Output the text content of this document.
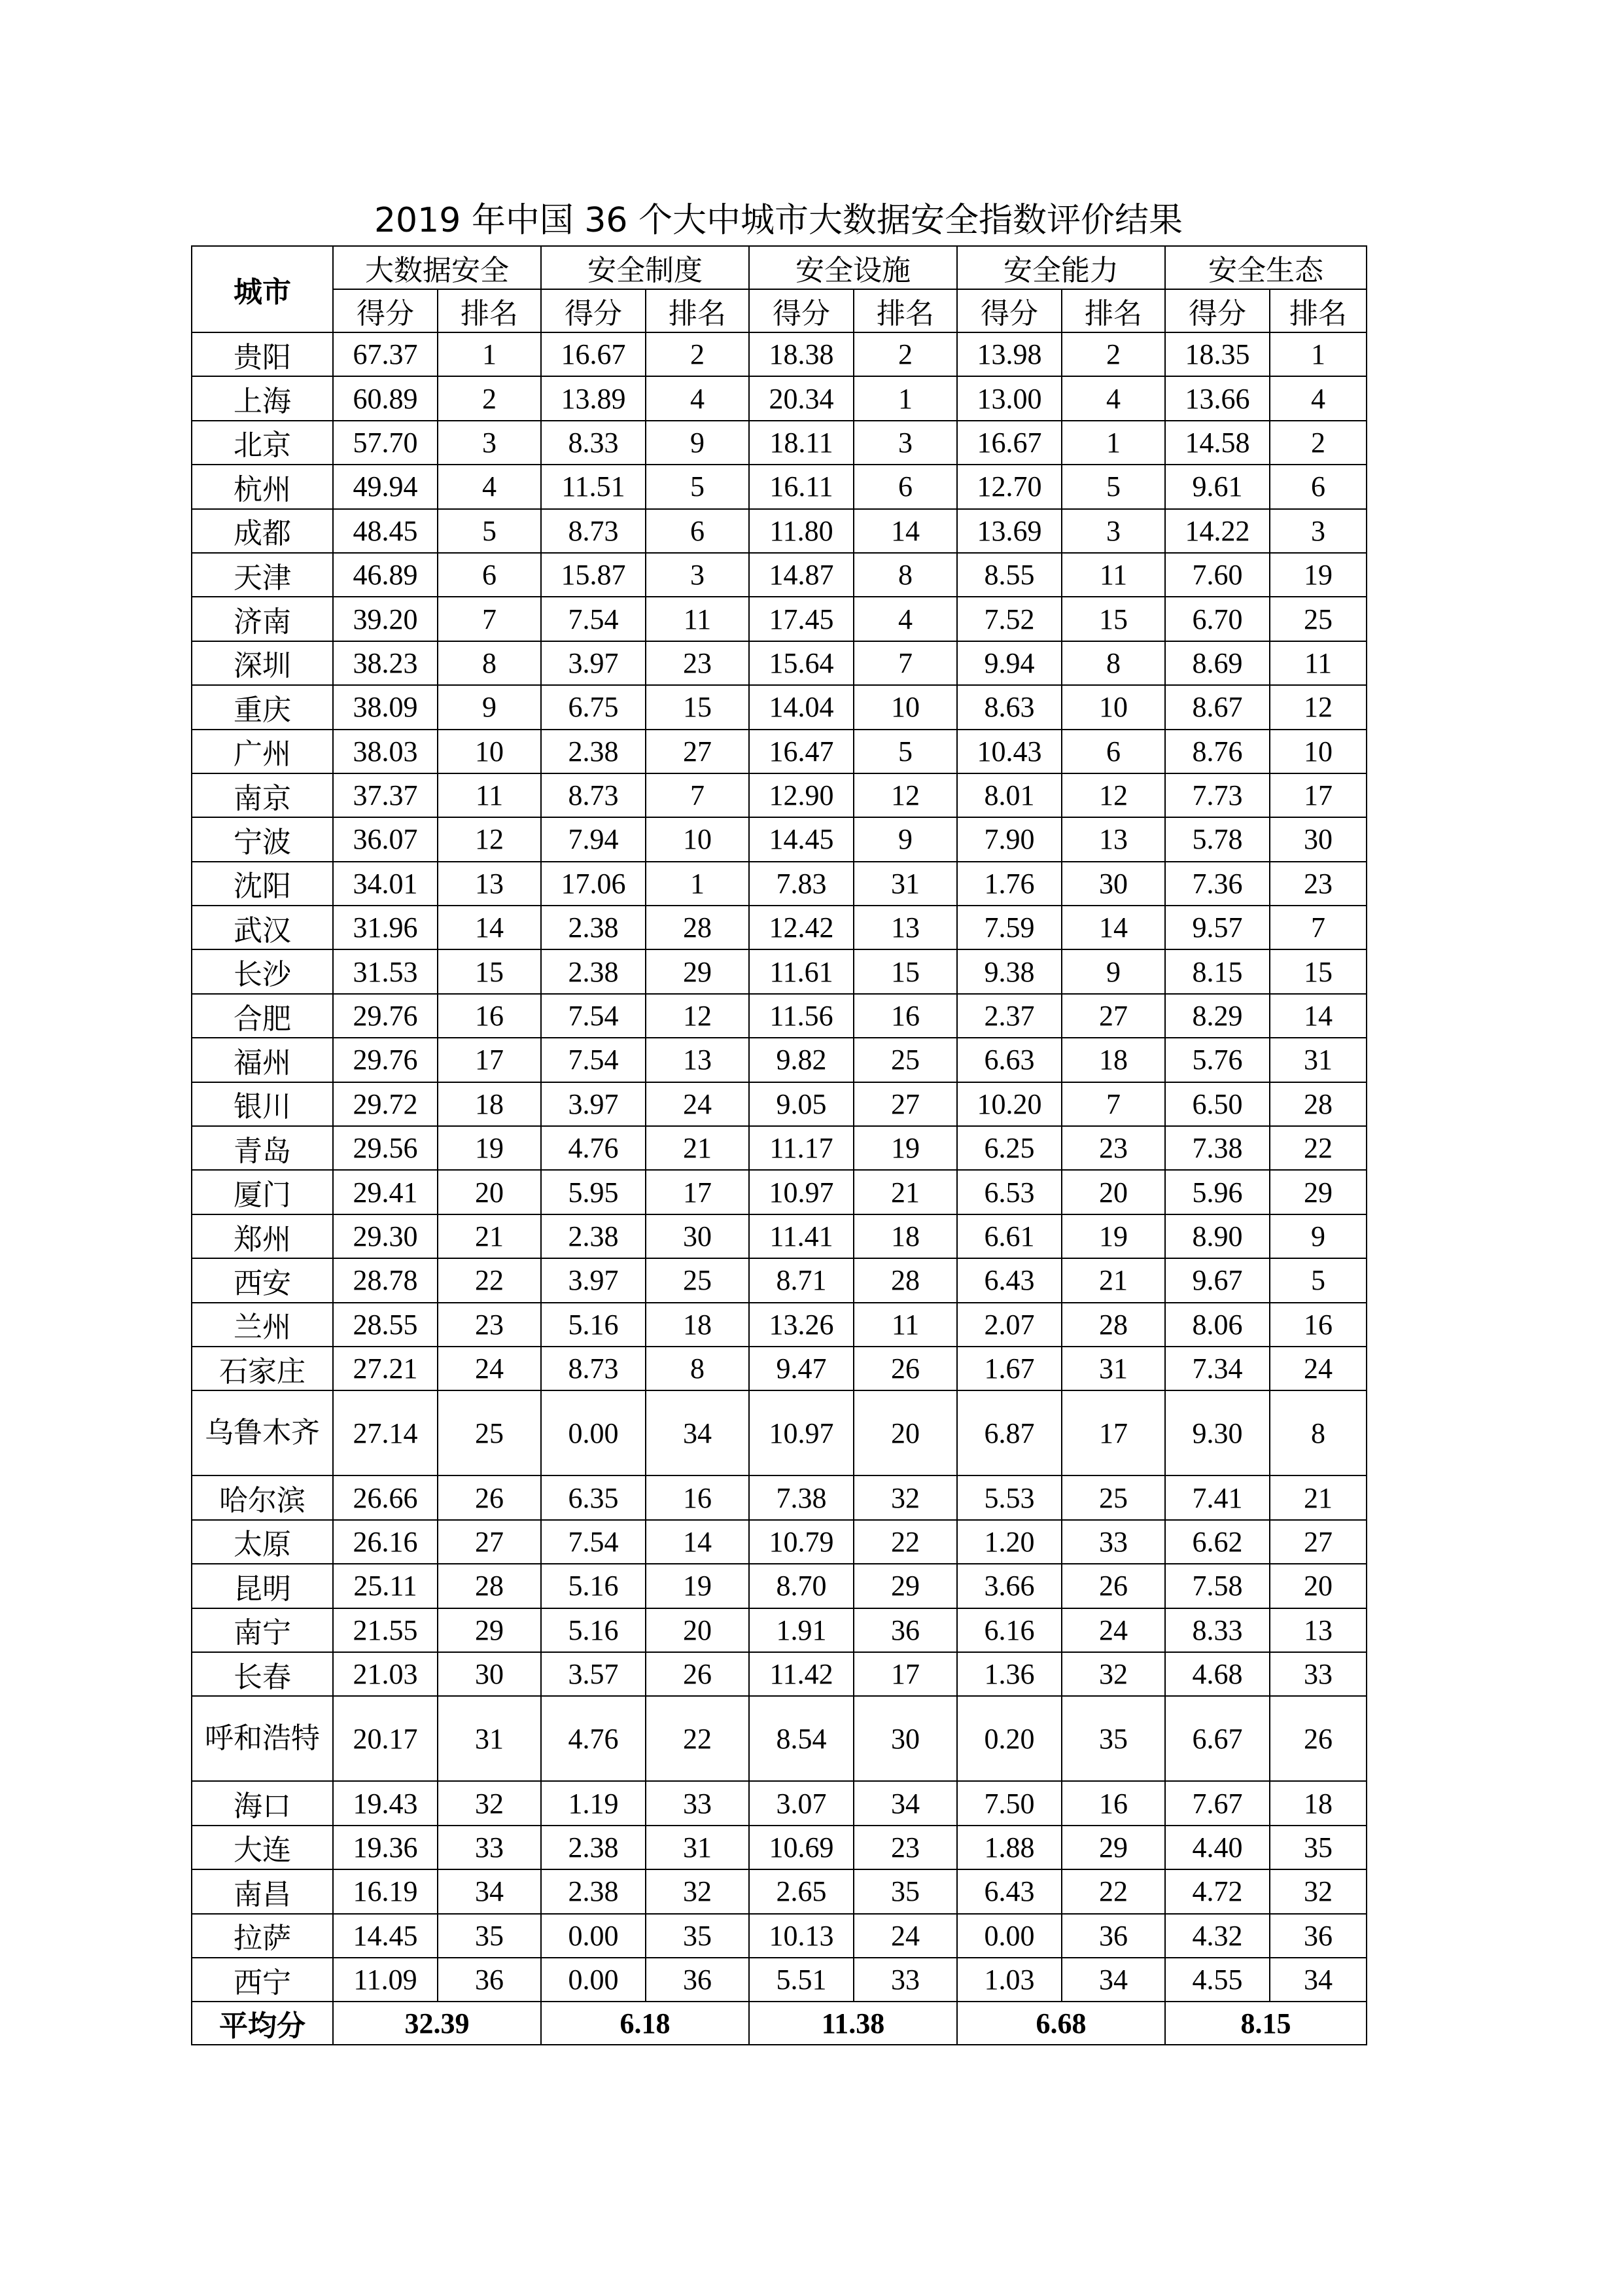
2019 年中国 36 个大中城市大数据安全指数评价结果
城市	大数据安全		安全制度		安全设施		安全能力		安全生态	
	得分	排名	得分	排名	得分	排名	得分	排名	得分	排名
贵阳	67.37	1	16.67	2	18.38	2	13.98	2	18.35	1
上海	60.89	2	13.89	4	20.34	1	13.00	4	13.66	4
北京	57.70	3	8.33	9	18.11	3	16.67	1	14.58	2
杭州	49.94	4	11.51	5	16.11	6	12.70	5	9.61	6
成都	48.45	5	8.73	6	11.80	14	13.69	3	14.22	3
天津	46.89	6	15.87	3	14.87	8	8.55	11	7.60	19
济南	39.20	7	7.54	11	17.45	4	7.52	15	6.70	25
深圳	38.23	8	3.97	23	15.64	7	9.94	8	8.69	11
重庆	38.09	9	6.75	15	14.04	10	8.63	10	8.67	12
广州	38.03	10	2.38	27	16.47	5	10.43	6	8.76	10
南京	37.37	11	8.73	7	12.90	12	8.01	12	7.73	17
宁波	36.07	12	7.94	10	14.45	9	7.90	13	5.78	30
沈阳	34.01	13	17.06	1	7.83	31	1.76	30	7.36	23
武汉	31.96	14	2.38	28	12.42	13	7.59	14	9.57	7
长沙	31.53	15	2.38	29	11.61	15	9.38	9	8.15	15
合肥	29.76	16	7.54	12	11.56	16	2.37	27	8.29	14
福州	29.76	17	7.54	13	9.82	25	6.63	18	5.76	31
银川	29.72	18	3.97	24	9.05	27	10.20	7	6.50	28
青岛	29.56	19	4.76	21	11.17	19	6.25	23	7.38	22
厦门	29.41	20	5.95	17	10.97	21	6.53	20	5.96	29
郑州	29.30	21	2.38	30	11.41	18	6.61	19	8.90	9
西安	28.78	22	3.97	25	8.71	28	6.43	21	9.67	5
兰州	28.55	23	5.16	18	13.26	11	2.07	28	8.06	16
石家庄	27.21	24	8.73	8	9.47	26	1.67	31	7.34	24
乌鲁木齐	27.14	25	0.00	34	10.97	20	6.87	17	9.30	8
哈尔滨	26.66	26	6.35	16	7.38	32	5.53	25	7.41	21
太原	26.16	27	7.54	14	10.79	22	1.20	33	6.62	27
昆明	25.11	28	5.16	19	8.70	29	3.66	26	7.58	20
南宁	21.55	29	5.16	20	1.91	36	6.16	24	8.33	13
长春	21.03	30	3.57	26	11.42	17	1.36	32	4.68	33
呼和浩特	20.17	31	4.76	22	8.54	30	0.20	35	6.67	26
海口	19.43	32	1.19	33	3.07	34	7.50	16	7.67	18
大连	19.36	33	2.38	31	10.69	23	1.88	29	4.40	35
南昌	16.19	34	2.38	32	2.65	35	6.43	22	4.72	32
拉萨	14.45	35	0.00	35	10.13	24	0.00	36	4.32	36
西宁	11.09	36	0.00	36	5.51	33	1.03	34	4.55	34
平均分	32.39		6.18		11.38		6.68		8.15	
